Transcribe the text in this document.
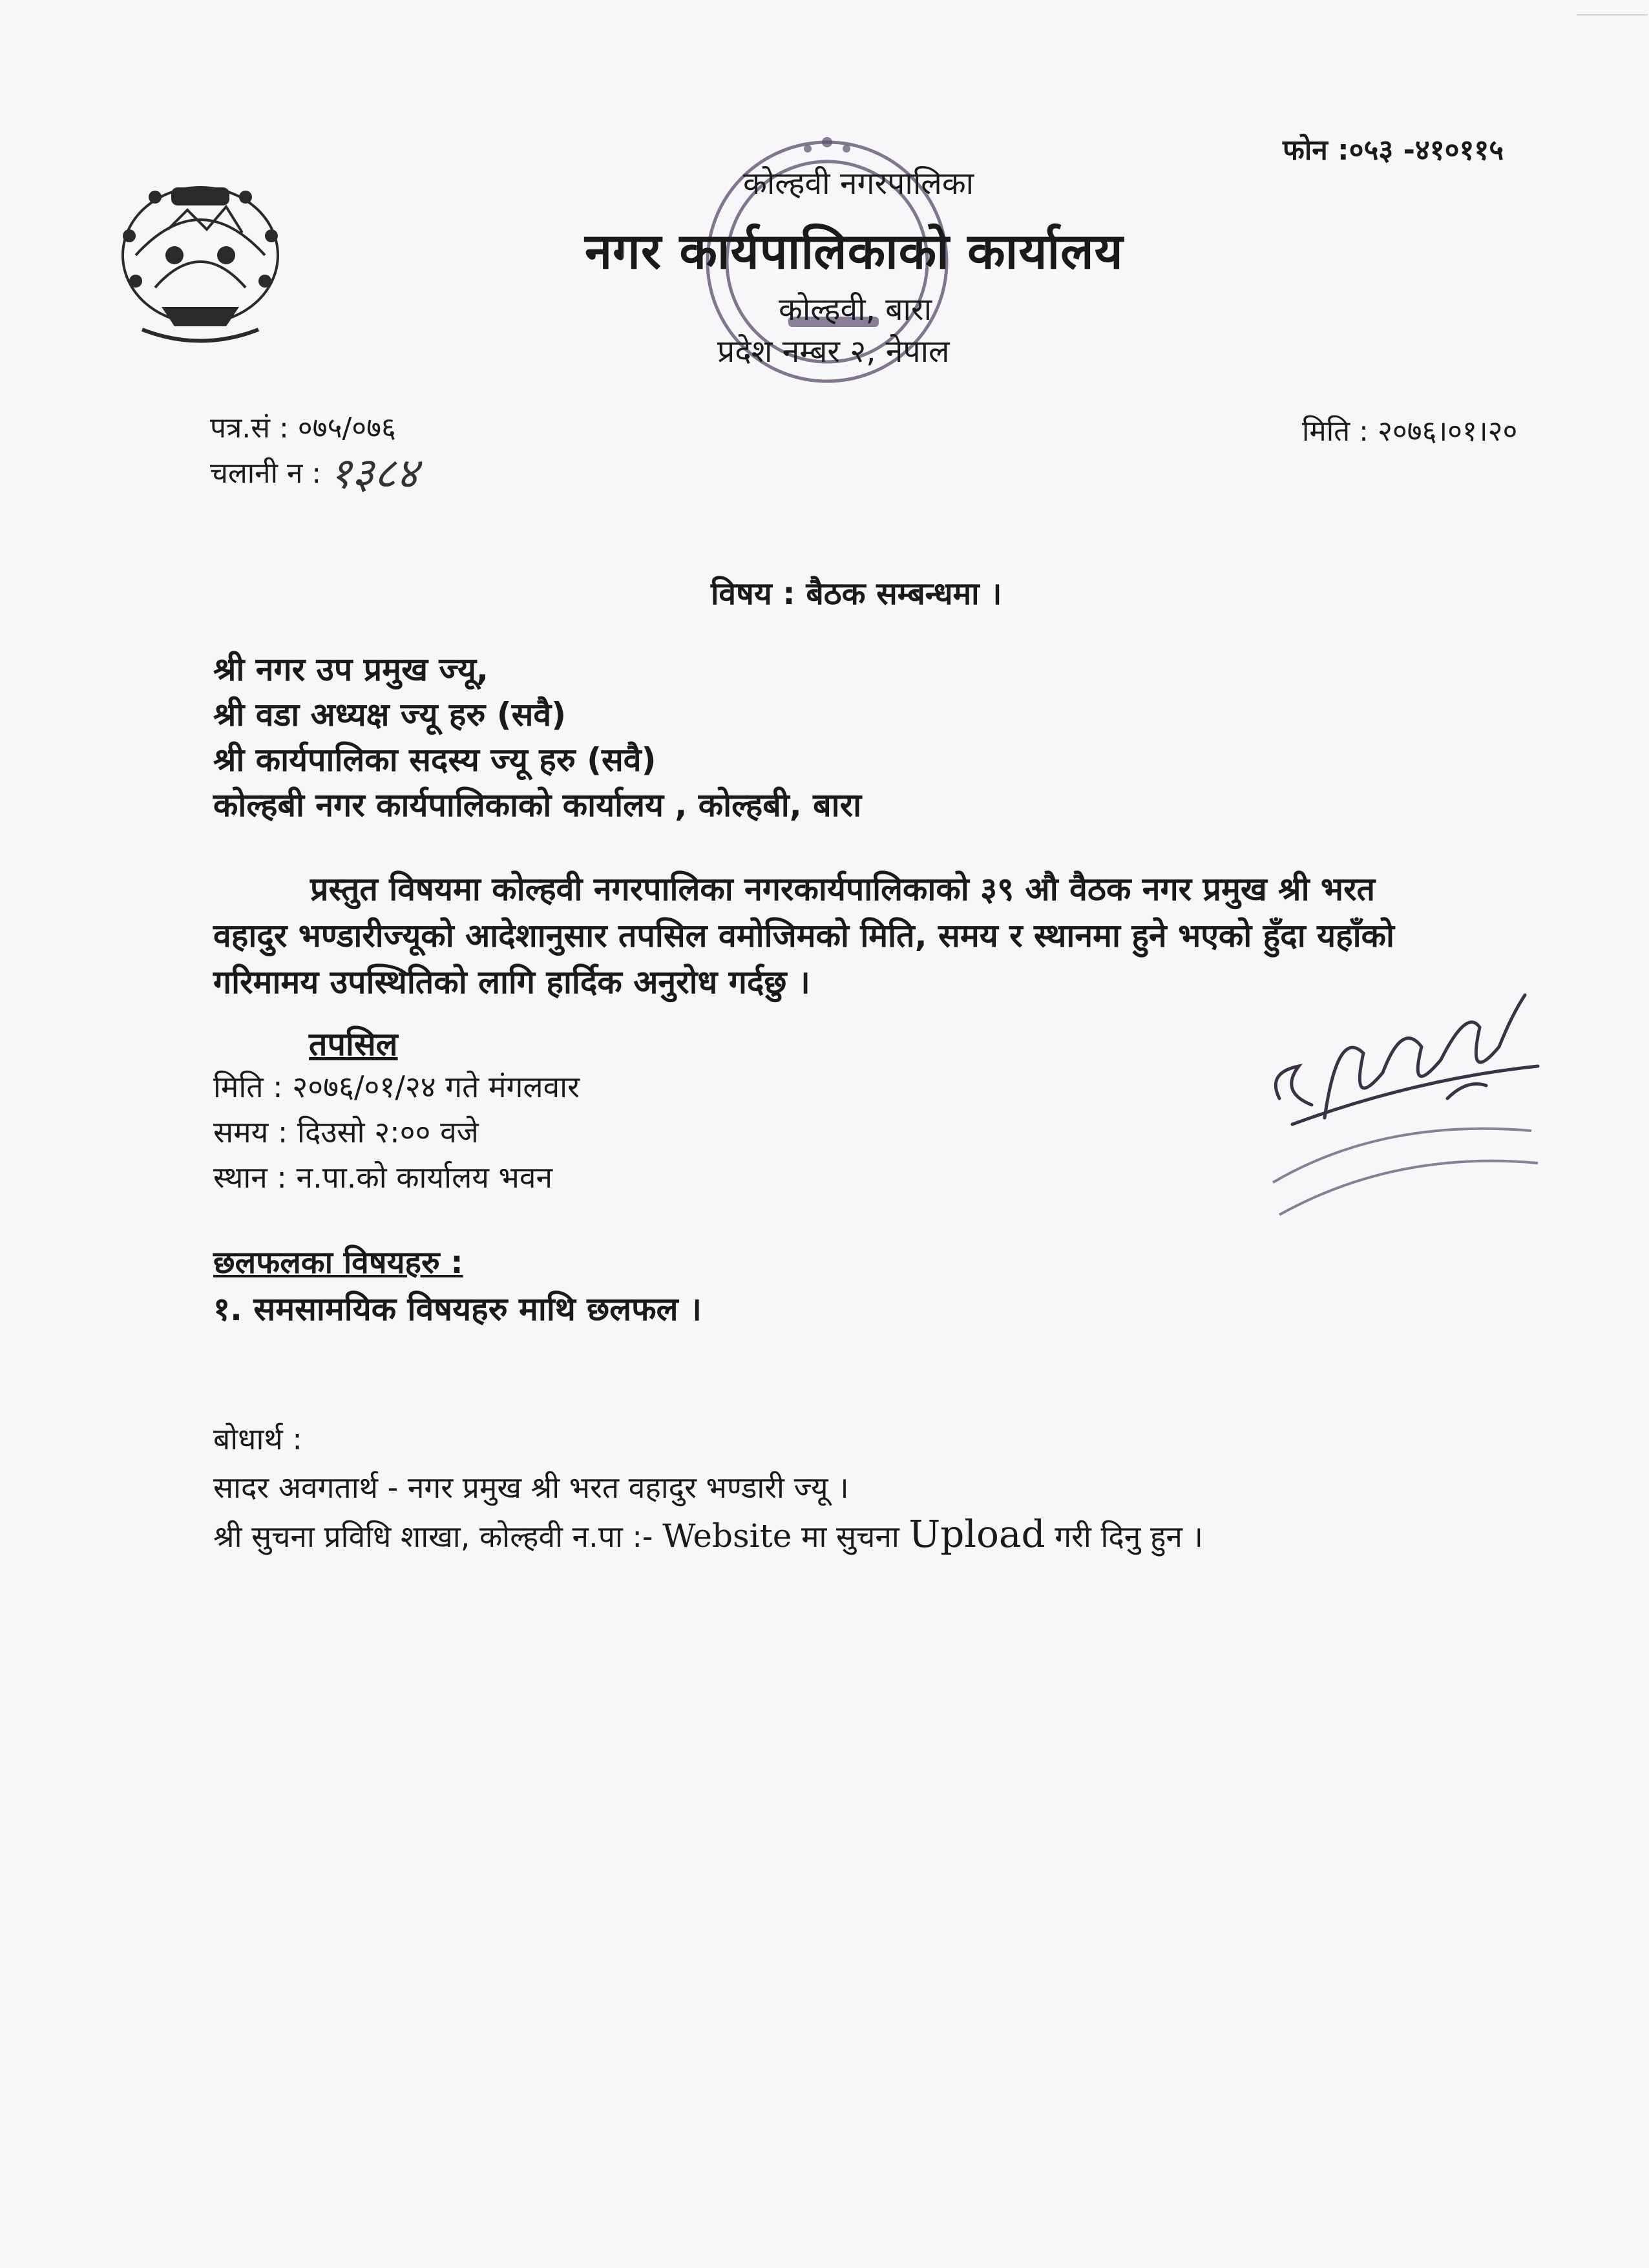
फोन :०५३ -४१०११५
कोल्हवी नगरपालिका
नगर कार्यपालिकाको कार्यालय
कोल्हवी, बारा
प्रदेश नम्बर २, नेपाल
पत्र.सं : ०७५/०७६
चलानी न : १३८४
मिति : २०७६।०१।२०
विषय : बैठक सम्बन्धमा ।
श्री नगर उप प्रमुख ज्यू,
श्री वडा अध्यक्ष ज्यू हरु (सवै)
श्री कार्यपालिका सदस्य ज्यू हरु (सवै)
कोल्हबी नगर कार्यपालिकाको कार्यालय , कोल्हबी, बारा

प्रस्तुत विषयमा कोल्हवी नगरपालिका नगरकार्यपालिकाको ३९ औ वैठक नगर प्रमुख श्री भरत

वहादुर भण्डारीज्यूको आदेशानुसार तपसिल वमोजिमको मिति, समय र स्थानमा हुने भएको हुँदा यहाँको

गरिमामय उपस्थितिको लागि हार्दिक अनुरोध गर्दछु ।

तपसिल
मिति : २०७६/०१/२४ गते मंगलवार
समय : दिउसो २:०० वजे
स्थान : न.पा.को कार्यालय भवन
छलफलका विषयहरु :
१. समसामयिक विषयहरु माथि छलफल ।
बोधार्थ :
सादर अवगतार्थ - नगर प्रमुख श्री भरत वहादुर भण्डारी ज्यू ।
श्री सुचना प्रविधि शाखा, कोल्हवी न.पा :- Website मा सुचना Upload गरी दिनु हुन ।
